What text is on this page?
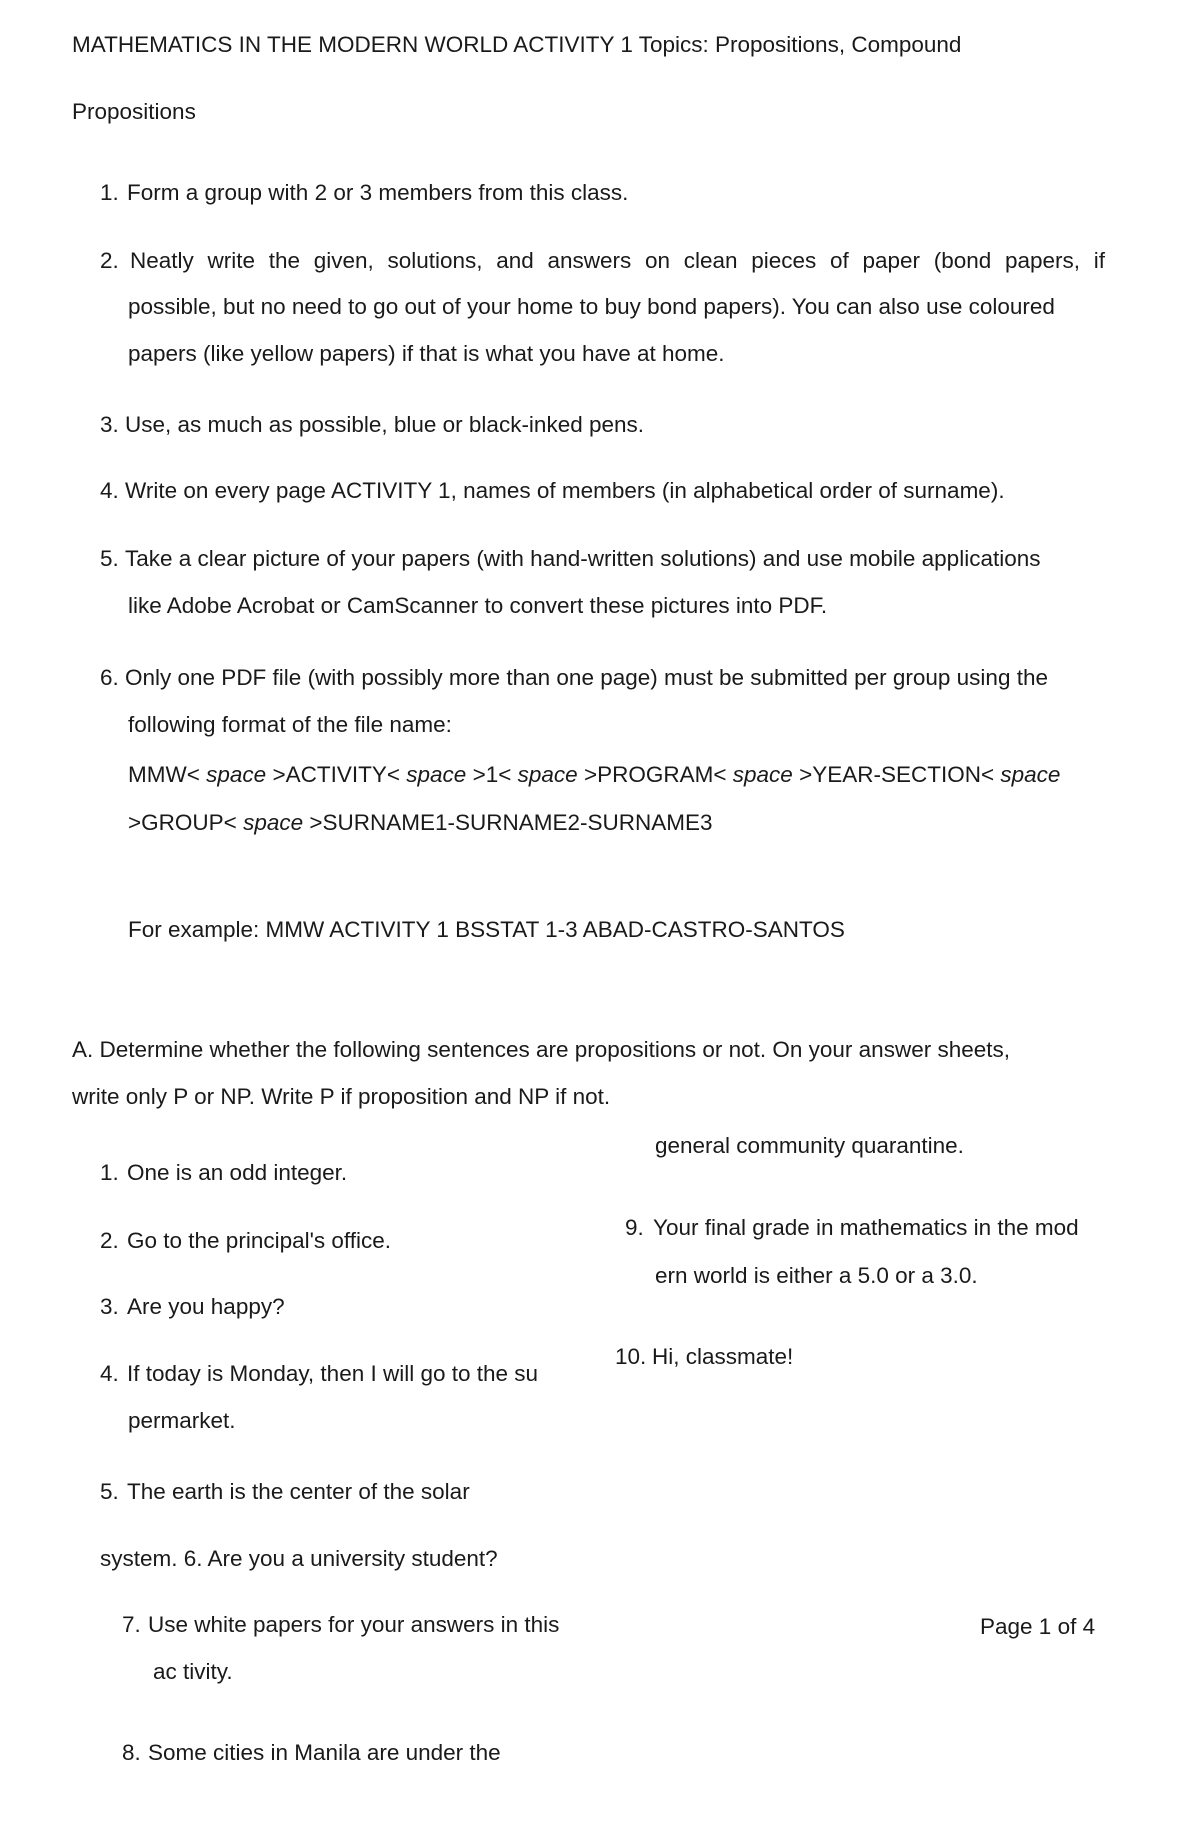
MATHEMATICS IN THE MODERN WORLD ACTIVITY 1 Topics: Propositions, Compound
Propositions
1. Form a group with 2 or 3 members from this class.
2. Neatly write the given, solutions, and answers on clean pieces of paper (bond papers, if
possible, but no need to go out of your home to buy bond papers). You can also use coloured
papers (like yellow papers) if that is what you have at home.
3. Use, as much as possible, blue or black-inked pens.
4. Write on every page ACTIVITY 1, names of members (in alphabetical order of surname).
5. Take a clear picture of your papers (with hand-written solutions) and use mobile applications
like Adobe Acrobat or CamScanner to convert these pictures into PDF.
6. Only one PDF file (with possibly more than one page) must be submitted per group using the
following format of the file name:
MMW< space >ACTIVITY< space >1< space >PROGRAM< space >YEAR-SECTION< space
>GROUP< space >SURNAME1-SURNAME2-SURNAME3
For example: MMW ACTIVITY 1 BSSTAT 1-3 ABAD-CASTRO-SANTOS
A. Determine whether the following sentences are propositions or not. On your answer sheets,
write only P or NP. Write P if proposition and NP if not.
1. One is an odd integer.
2. Go to the principal's office.
3. Are you happy?
4. If today is Monday, then I will go to the su
permarket.
5. The earth is the center of the solar
system. 6. Are you a university student?
7. Use white papers for your answers in this
ac tivity.
8. Some cities in Manila are under the
general community quarantine.
9. Your final grade in mathematics in the mod
ern world is either a 5.0 or a 3.0.
10. Hi, classmate!
Page 1 of 4
